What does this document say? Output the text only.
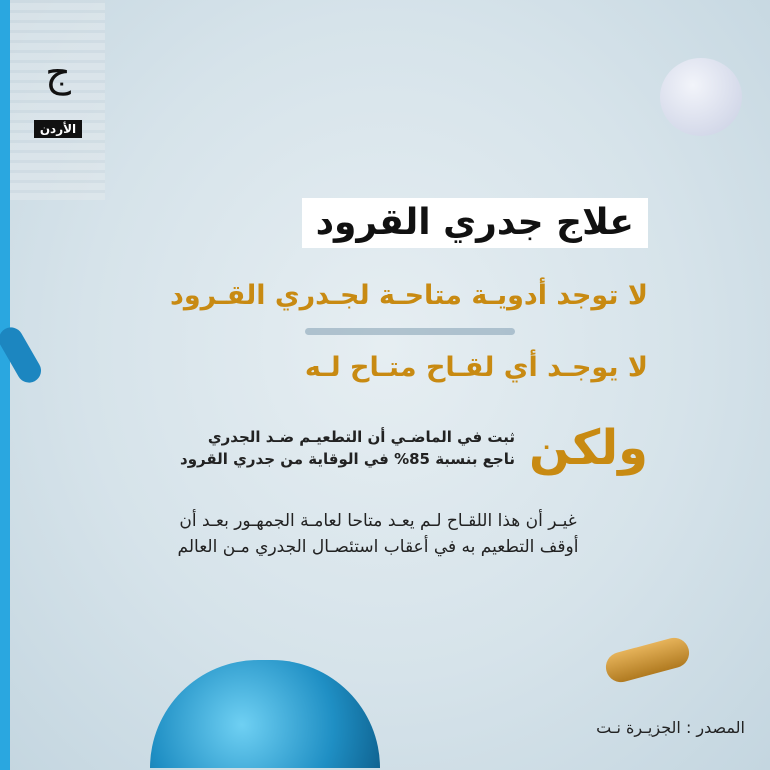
ج
الأردن
علاج جدري القرود
لا توجد أدويـة متاحـة لجـدري القـرود
لا يوجـد أي لقـاح متـاح لـه
ولكن
ثبت في الماضـي أن التطعيـم ضـد الجدري
ناجع بنسبة 85% في الوقاية من جدري القرود
غيـر أن هذا اللقـاح لـم يعـد متاحا لعامـة الجمهـور بعـد أن
أوقف التطعيم به في أعقاب استئصـال الجدري مـن العالم
المصدر : الجزيـرة نـت
